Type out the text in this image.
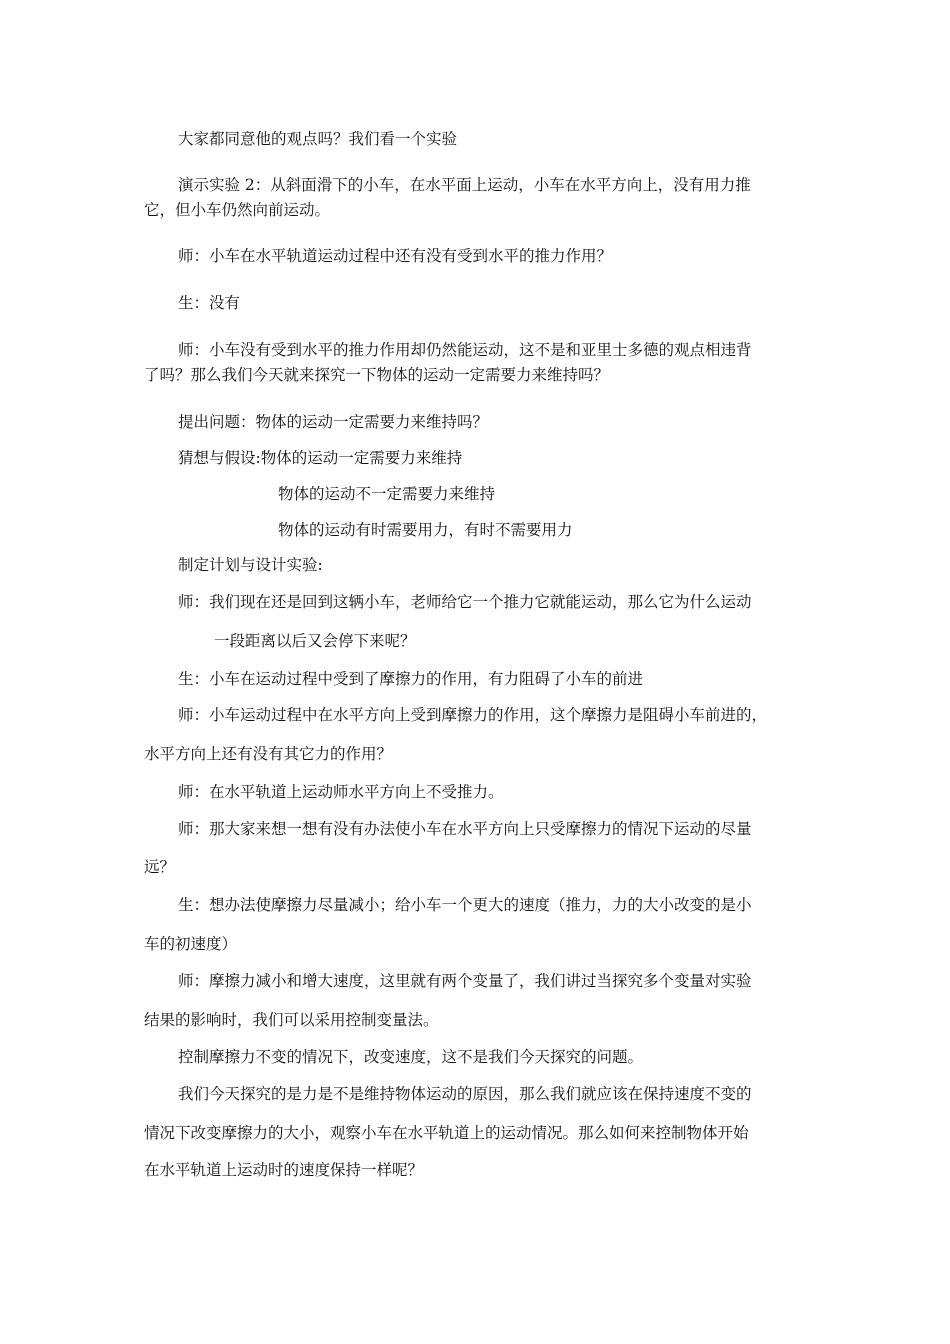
大家都同意他的观点吗？我们看一个实验
演示实验 2：从斜面滑下的小车，在水平面上运动，小车在水平方向上，没有用力推
它，但小车仍然向前运动。
师：小车在水平轨道运动过程中还有没有受到水平的推力作用？
生：没有
师：小车没有受到水平的推力作用却仍然能运动，这不是和亚里士多德的观点相违背
了吗？那么我们今天就来探究一下物体的运动一定需要力来维持吗？
提出问题：物体的运动一定需要力来维持吗？
猜想与假设:物体的运动一定需要力来维持
物体的运动不一定需要力来维持
物体的运动有时需要用力，有时不需要用力
制定计划与设计实验:
师：我们现在还是回到这辆小车，老师给它一个推力它就能运动，那么它为什么运动
一段距离以后又会停下来呢？
生：小车在运动过程中受到了摩擦力的作用，有力阻碍了小车的前进
师：小车运动过程中在水平方向上受到摩擦力的作用，这个摩擦力是阻碍小车前进的，
水平方向上还有没有其它力的作用？
师：在水平轨道上运动师水平方向上不受推力。
师：那大家来想一想有没有办法使小车在水平方向上只受摩擦力的情况下运动的尽量
远？
生：想办法使摩擦力尽量减小；给小车一个更大的速度（推力，力的大小改变的是小
车的初速度）
师：摩擦力减小和增大速度，这里就有两个变量了，我们讲过当探究多个变量对实验
结果的影响时，我们可以采用控制变量法。
控制摩擦力不变的情况下，改变速度，这不是我们今天探究的问题。
我们今天探究的是力是不是维持物体运动的原因，那么我们就应该在保持速度不变的
情况下改变摩擦力的大小，观察小车在水平轨道上的运动情况。那么如何来控制物体开始
在水平轨道上运动时的速度保持一样呢？
